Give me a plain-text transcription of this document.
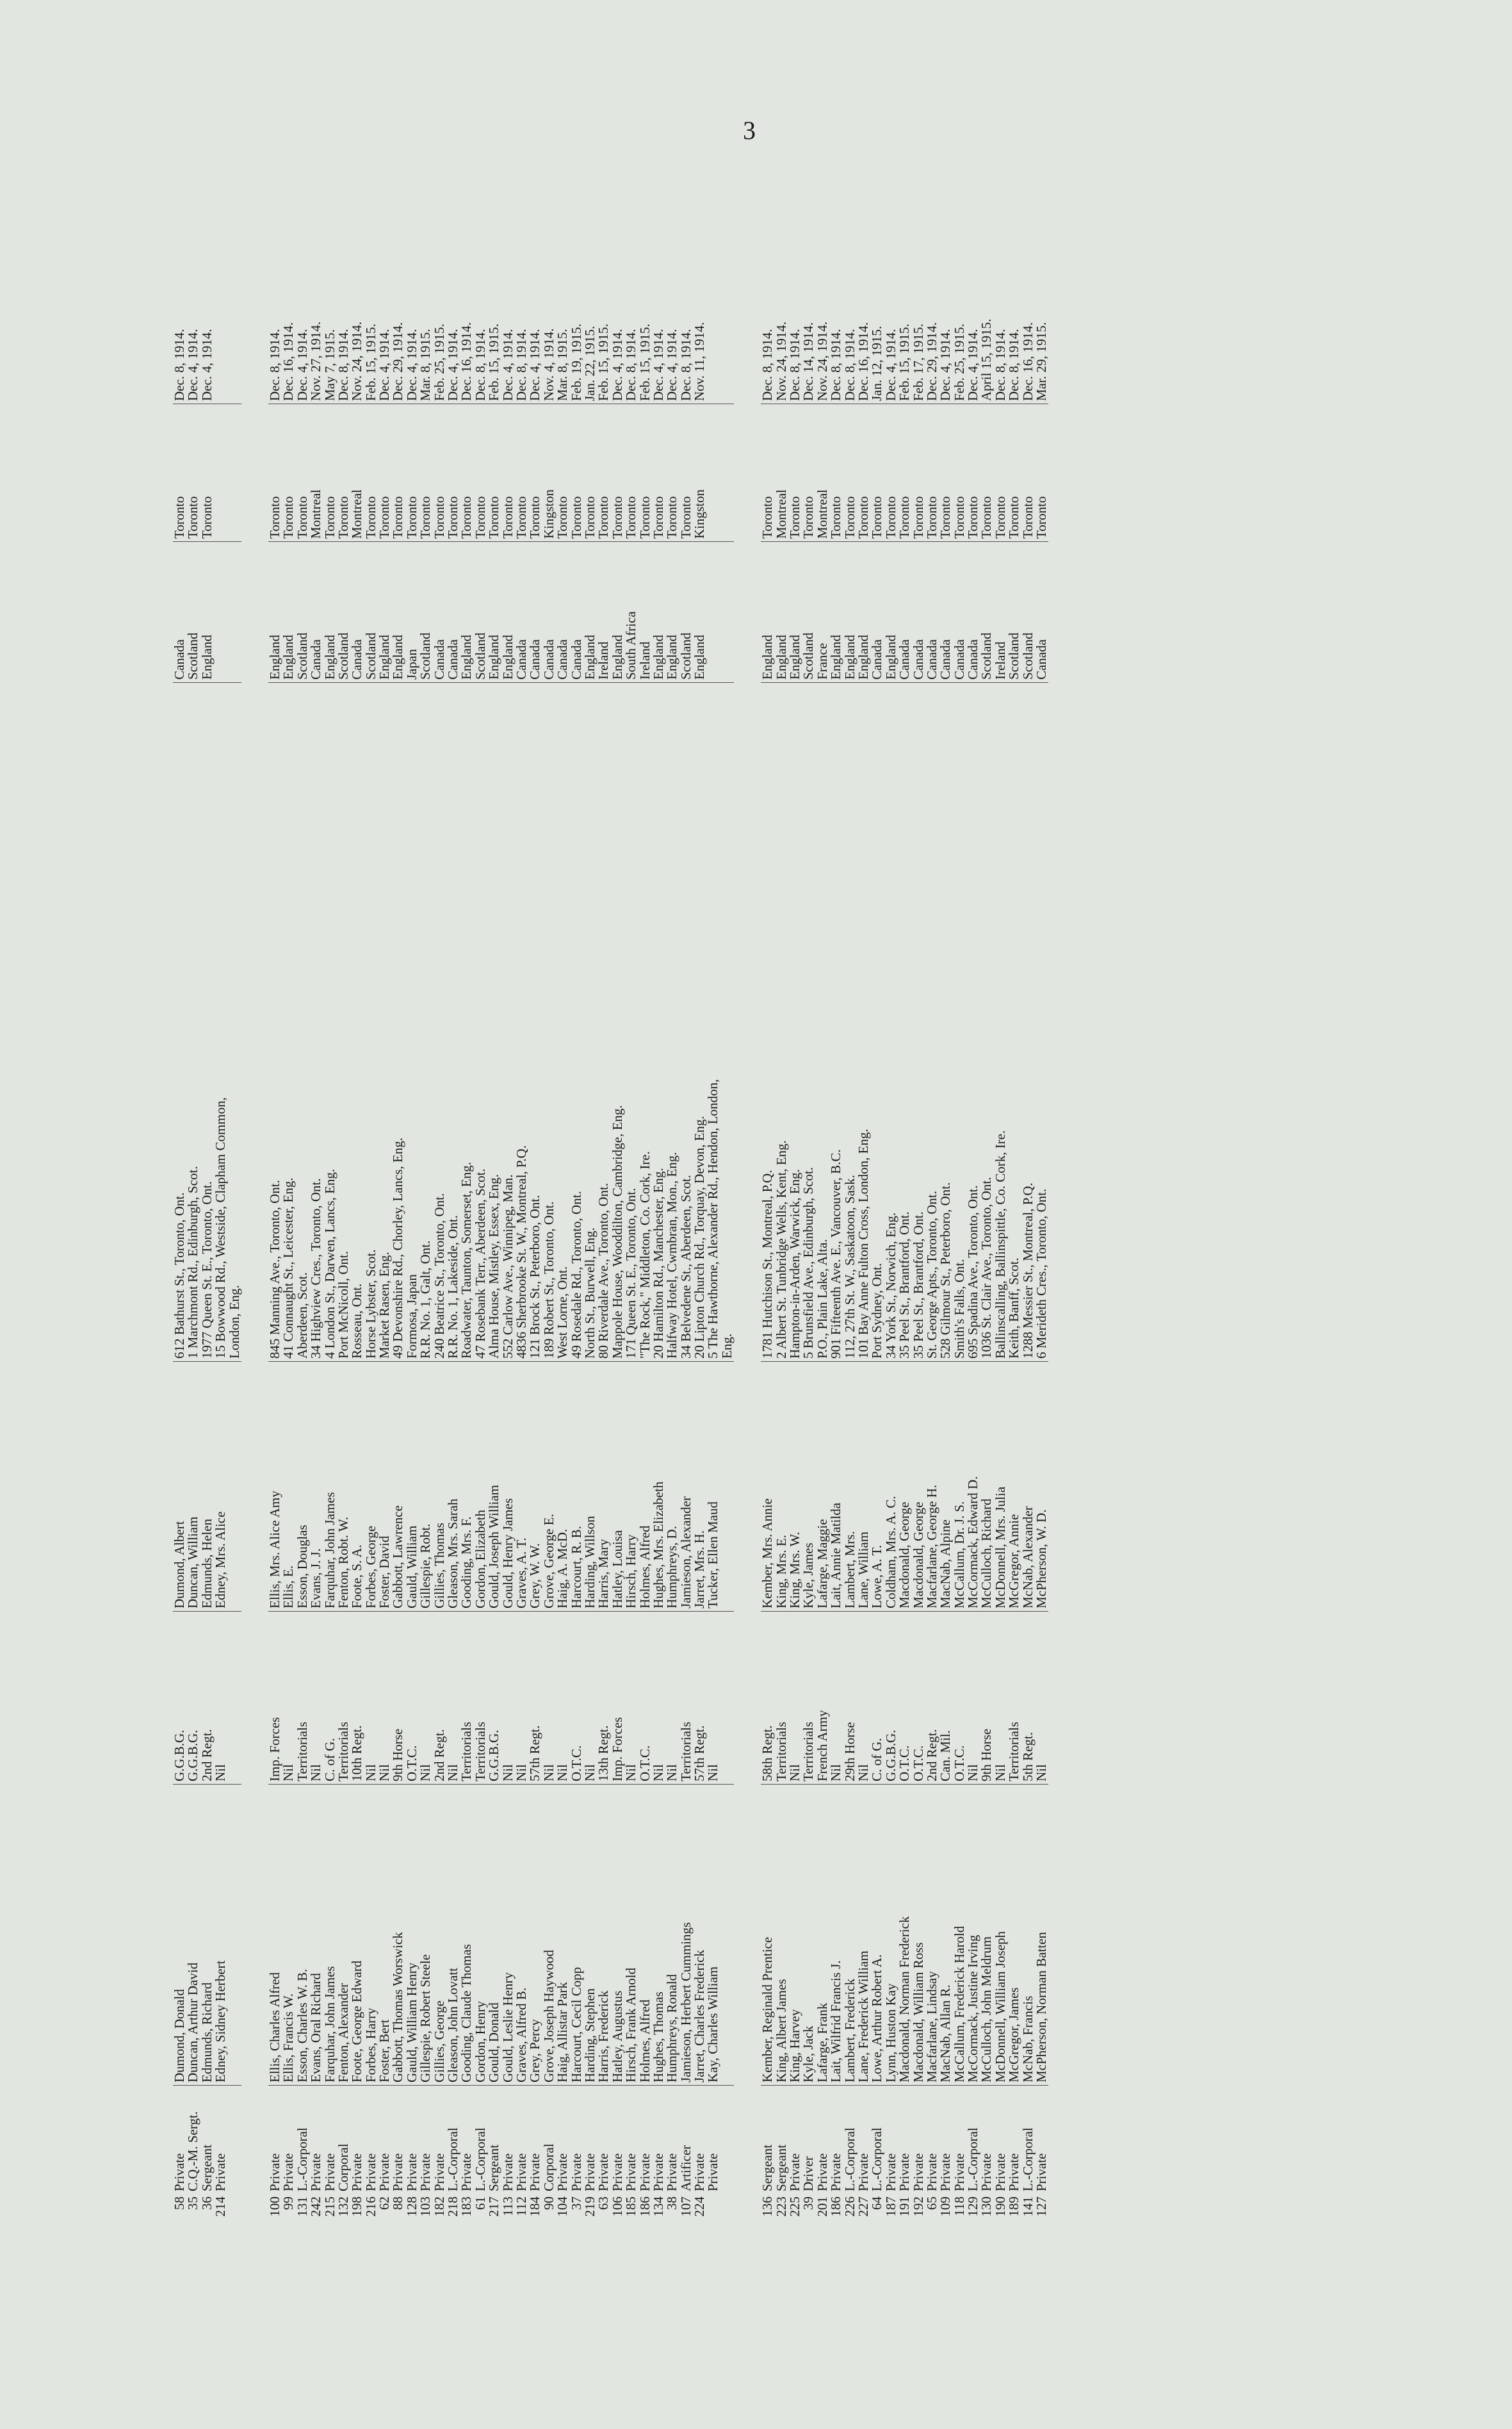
3
58
Private
Dumond, Donald
G.G.B.G.
Dumond, Albert
612 Bathurst St., Toronto, Ont.
Canada
Toronto
Dec. 8, 1914.
35
C.Q.-M. Sergt.
Duncan, Arthur David
G.G.B.G.
Duncan, William
1 Marchmont Rd., Edinburgh, Scot.
Scotland
Toronto
Dec. 4, 1914.
36
Sergeant
Edmunds, Richard
2nd Regt.
Edmunds, Helen
1977 Queen St. E., Toronto, Ont.
England
Toronto
Dec. 4, 1914.
214
Private
Edney, Sidney Herbert
Nil
Edney, Mrs. Alice
15 Bowwood Rd., Westside, Clapham Common,
London, Eng.
100
Private
Ellis, Charles Alfred
Imp. Forces
Ellis, Mrs. Alice Amy
845 Manning Ave., Toronto, Ont.
England
Toronto
Dec. 8, 1914.
99
Private
Ellis, Francis W.
Nil
Ellis, E.
41 Connaught St., Leicester, Eng.
England
Toronto
Dec. 16, 1914.
131
L.-Corporal
Esson, Charles W. B.
Territorials
Esson, Douglas
Aberdeen, Scot.
Scotland
Toronto
Dec. 4, 1914.
242
Private
Evans, Oral Richard
Nil
Evans, J. J.
34 Highview Cres., Toronto, Ont.
Canada
Montreal
Nov. 27, 1914.
215
Private
Farquhar, John James
C. of G.
Farquhar, John James
4 London St., Darwen, Lancs, Eng.
England
Toronto
May 7, 1915.
132
Corporal
Fenton, Alexander
Territorials
Fenton, Robt. W.
Port McNicoll, Ont.
Scotland
Toronto
Dec. 8, 1914.
198
Private
Foote, George Edward
10th Regt.
Foote, S. A.
Rosseau, Ont.
Canada
Montreal
Nov. 24, 1914.
216
Private
Forbes, Harry
Nil
Forbes, George
Horse Lybster, Scot.
Scotland
Toronto
Feb. 15, 1915.
62
Private
Foster, Bert
Nil
Foster, David
Market Rasen, Eng.
England
Toronto
Dec. 4, 1914.
88
Private
Gabbott, Thomas Worswick
9th Horse
Gabbott, Lawrence
49 Devonshire Rd., Chorley, Lancs, Eng.
England
Toronto
Dec. 29, 1914.
128
Private
Gauld, William Henry
O.T.C.
Gauld, William
Formosa, Japan
Japan
Toronto
Dec. 4, 1914.
103
Private
Gillespie, Robert Steele
Nil
Gillespie, Robt.
R.R. No. 1, Galt, Ont.
Scotland
Toronto
Mar. 8, 1915.
182
Private
Gillies, George
2nd Regt.
Gillies, Thomas
240 Beatrice St., Toronto, Ont.
Canada
Toronto
Feb. 25, 1915.
218
L.-Corporal
Gleason, John Lovatt
Nil
Gleason, Mrs. Sarah
R.R. No. 1, Lakeside, Ont.
Canada
Toronto
Dec. 4, 1914.
183
Private
Gooding, Claude Thomas
Territorials
Gooding, Mrs. F.
Roadwater, Taunton, Somerset, Eng.
England
Toronto
Dec. 16, 1914.
61
L.-Corporal
Gordon, Henry
Territorials
Gordon, Elizabeth
47 Rosebank Terr., Aberdeen, Scot.
Scotland
Toronto
Dec. 8, 1914.
217
Sergeant
Gould, Donald
G.G.B.G.
Gould, Joseph William
Alma House, Mistley, Essex, Eng.
England
Toronto
Feb. 15, 1915.
113
Private
Gould, Leslie Henry
Nil
Gould, Henry James
552 Carlow Ave., Winnipeg, Man.
England
Toronto
Dec. 4, 1914.
112
Private
Graves, Alfred B.
Nil
Graves, A. T.
4836 Sherbrooke St. W., Montreal, P.Q.
Canada
Toronto
Dec. 8, 1914.
184
Private
Grey, Percy
57th Regt.
Grey, W. W.
121 Brock St., Peterboro, Ont.
Canada
Toronto
Dec. 4, 1914.
90
Corporal
Grove, Joseph Haywood
Nil
Grove, George E.
189 Robert St., Toronto, Ont.
Canada
Kingston
Nov. 4, 1914.
104
Private
Haig, Allistar Park
Nil
Haig, A. McD.
West Lorne, Ont.
Canada
Toronto
Mar. 8, 1915.
37
Private
Harcourt, Cecil Copp
O.T.C.
Harcourt, R. B.
49 Rosedale Rd., Toronto, Ont.
Canada
Toronto
Feb. 19, 1915.
219
Private
Harding, Stephen
Nil
Harding, Willson
North St., Burwell, Eng.
England
Toronto
Jan. 22, 1915.
63
Private
Harris, Frederick
13th Regt.
Harris, Mary
80 Riverdale Ave., Toronto, Ont.
Ireland
Toronto
Feb. 15, 1915.
106
Private
Hatley, Augustus
Imp. Forces
Hatley, Louisa
Mappole House, Wooddilton, Cambridge, Eng.
England
Toronto
Dec. 4, 1914.
185
Private
Hirsch, Frank Arnold
Nil
Hirsch, Harry
171 Queen St. E., Toronto, Ont.
South Africa
Toronto
Dec. 8, 1914.
186
Private
Holmes, Alfred
O.T.C.
Holmes, Alfred
"The Rock," Middleton, Co. Cork, Ire.
Ireland
Toronto
Feb. 15, 1915.
134
Private
Hughes, Thomas
Nil
Hughes, Mrs. Elizabeth
20 Hamilton Rd., Manchester, Eng.
England
Toronto
Dec. 4, 1914.
38
Private
Humphreys, Ronald
Nil
Humphreys, D.
Halfway Hotel, Cwmbran, Mon., Eng.
England
Toronto
Dec. 4, 1914.
107
Artificer
Jamieson, Herbert Cummings
Territorials
Jamieson, Alexander
34 Belvedene St., Aberdeen, Scot.
Scotland
Toronto
Dec. 8, 1914.
224
Private
Jarret, Charles Frederick
57th Regt.
Jarret, Mrs. H.
20 Lipton Church Rd., Torquay, Devon, Eng.
England
Kingston
Nov. 11, 1914.
Private
Kay, Charles William
Nil
Tucker, Ellen Maud
5 The Hawthorne, Alexander Rd., Hendon, London,
Eng.
136
Sergeant
Kember, Reginald Prentice
58th Regt.
Kember, Mrs. Annie
1781 Hutchison St., Montreal, P.Q.
England
Toronto
Dec. 8, 1914.
223
Sergeant
King, Albert James
Territorials
King, Mrs. E.
2 Albert St. Tunbridge Wells, Kent, Eng.
England
Montreal
Nov. 24, 1914.
225
Private
King, Harvey
Nil
King, Mrs. W.
Hampton-in-Arden, Warwick, Eng.
England
Toronto
Dec. 8, 1914.
39
Driver
Kyle, Jack
Territorials
Kyle, James
5 Brunsfield Ave., Edinburgh, Scot.
Scotland
Toronto
Dec. 14, 1914.
201
Private
Lafarge, Frank
French Army
Lafarge, Maggie
P.O., Plain Lake, Alta.
France
Montreal
Nov. 24, 1914.
186
Private
Lait, Wilfrid Francis J.
Nil
Lait, Annie Matilda
901 Fifteenth Ave. E., Vancouver, B.C.
England
Toronto
Dec. 8, 1914.
226
L.-Corporal
Lambert, Frederick
29th Horse
Lambert, Mrs.
112, 27th St. W., Saskatoon, Sask.
England
Toronto
Dec. 8, 1914.
227
Private
Lane, Frederick William
Nil
Lane, William
101 Bay Anne Fulton Cross, London, Eng.
England
Toronto
Dec. 16, 1914.
64
L.-Corporal
Lowe, Arthur Robert A.
C. of G.
Lowe, A. T.
Port Sydney, Ont.
Canada
Toronto
Jan. 12, 1915.
187
Private
Lynn, Huston Kay
G.G.B.G.
Coldham, Mrs. A. C.
34 York St., Norwich, Eng.
England
Toronto
Dec. 4, 1914.
191
Private
Macdonald, Norman Frederick
O.T.C.
Macdonald, George
35 Peel St., Brantford, Ont.
Canada
Toronto
Feb. 15, 1915.
192
Private
Macdonald, William Ross
O.T.C.
Macdonald, George
35 Peel St., Brantford, Ont.
Canada
Toronto
Feb. 17, 1915.
65
Private
Macfarlane, Lindsay
2nd Regt.
Macfarlane, George H.
St. George Apts., Toronto, Ont.
Canada
Toronto
Dec. 29, 1914.
109
Private
MacNab, Allan R.
Can. Mil.
MacNab, Alpine
528 Gilmour St., Peterboro, Ont.
Canada
Toronto
Dec. 4, 1914.
118
Private
McCallum, Frederick Harold
O.T.C.
McCallum, Dr. J. S.
Smith's Falls, Ont.
Canada
Toronto
Feb. 25, 1915.
129
L.-Corporal
McCormack, Justine Irving
Nil
McCormack, Edward D.
695 Spadina Ave., Toronto, Ont.
Canada
Toronto
Dec. 4, 1914.
130
Private
McCulloch, John Meldrum
9th Horse
McCulloch, Richard
1036 St. Clair Ave., Toronto, Ont.
Scotland
Toronto
April 15, 1915.
190
Private
McDonnell, William Joseph
Nil
McDonnell, Mrs. Julia
Ballinscalling, Ballinspittle, Co. Cork, Ire.
Ireland
Toronto
Dec. 8, 1914.
189
Private
McGregor, James
Territorials
McGregor, Annie
Keith, Banff, Scot.
Scotland
Toronto
Dec. 8, 1914.
141
L.-Corporal
McNab, Francis
5th Regt.
McNab, Alexander
1288 Messier St., Montreal, P.Q.
Scotland
Toronto
Dec. 16, 1914.
127
Private
McPherson, Norman Batten
Nil
McPherson, W. D.
6 Merideth Cres., Toronto, Ont.
Canada
Toronto
Mar. 29, 1915.
